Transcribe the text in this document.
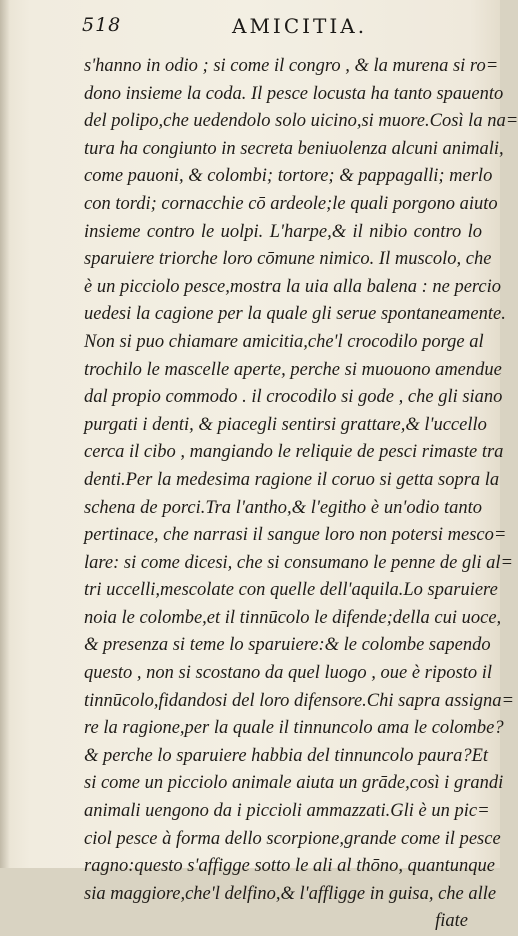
518	AMICITIA.
s'hanno in odio ; si come il congro , & la murena si ro=
dono insieme la coda. Il pesce locusta ha tanto spauento
del polipo,che uedendolo solo uicino,si muore.Così la na=
tura ha congiunto in secreta beniuolenza alcuni animali,
come pauoni, & colombi; tortore; & pappagalli; merlo
con tordi; cornacchie cō ardeole;le quali porgono aiuto
insieme contro le uolpi. L'harpe,& il nibio contro lo
sparuiere triorche loro cōmune nimico. Il muscolo, che
è un picciolo pesce,mostra la uia alla balena : ne percio
uedesi la cagione per la quale gli serue spontaneamente.
Non si puo chiamare amicitia,che'l crocodilo porge al
trochilo le mascelle aperte, perche si muouono amendue
dal propio commodo . il crocodilo si gode , che gli siano
purgati i denti, & piacegli sentirsi grattare,& l'uccello
cerca il cibo , mangiando le reliquie de pesci rimaste tra
denti.Per la medesima ragione il coruo si getta sopra la
schena de porci.Tra l'antho,& l'egitho è un'odio tanto
pertinace, che narrasi il sangue loro non potersi mesco=
lare: si come dicesi, che si consumano le penne de gli al=
tri uccelli,mescolate con quelle dell'aquila.Lo sparuiere
noia le colombe,et il tinnūcolo le difende;della cui uoce,
& presenza si teme lo sparuiere:& le colombe sapendo
questo , non si scostano da quel luogo , oue è riposto il
tinnūcolo,fidandosi del loro difensore.Chi sapra assigna=
re la ragione,per la quale il tinnuncolo ama le colombe?
& perche lo sparuiere habbia del tinnuncolo paura?Et
si come un picciolo animale aiuta un grāde,così i grandi
animali uengono da i piccioli ammazzati.Gli è un pic=
ciol pesce à forma dello scorpione,grande come il pesce
ragno:questo s'affigge sotto le ali al thōno, quantunque
sia maggiore,che'l delfino,& l'affligge in guisa, che alle
fiate
